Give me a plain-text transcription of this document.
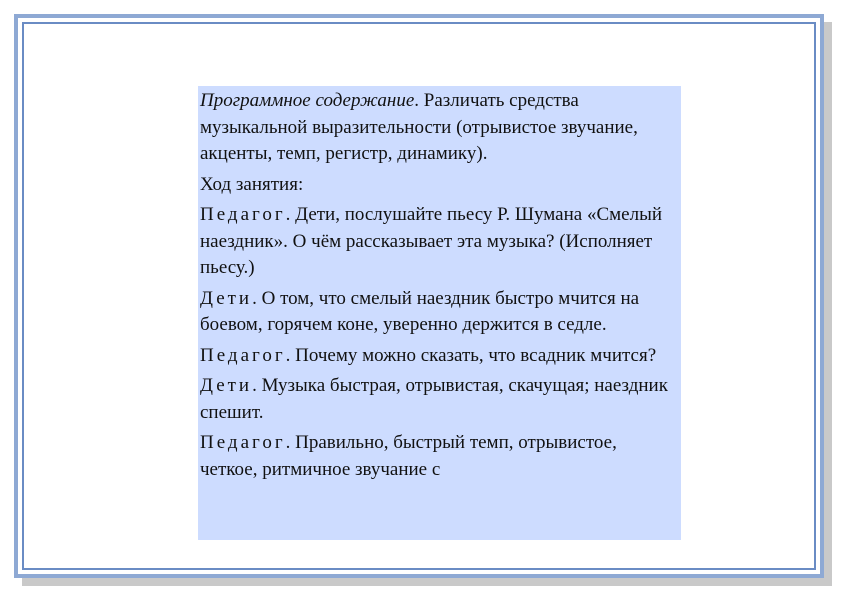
Программное содержание. Различать средства музыкальной выразительности (отрывистое звучание, акценты, темп, регистр, динамику).

Ход занятия:

Педагог. Дети, послушайте пьесу Р. Шумана «Смелый наездник». О чём рассказывает эта музыка? (Исполняет пьесу.)

Дети. О том, что смелый наездник быстро мчится на боевом, горячем коне, уверенно держится в седле.

Педагог. Почему можно сказать, что всадник мчится?

Дети. Музыка быстрая, отрывистая, скачущая; наездник спешит.

Педагог. Правильно, быстрый темп, отрывистое, четкое, ритмичное звучание с
